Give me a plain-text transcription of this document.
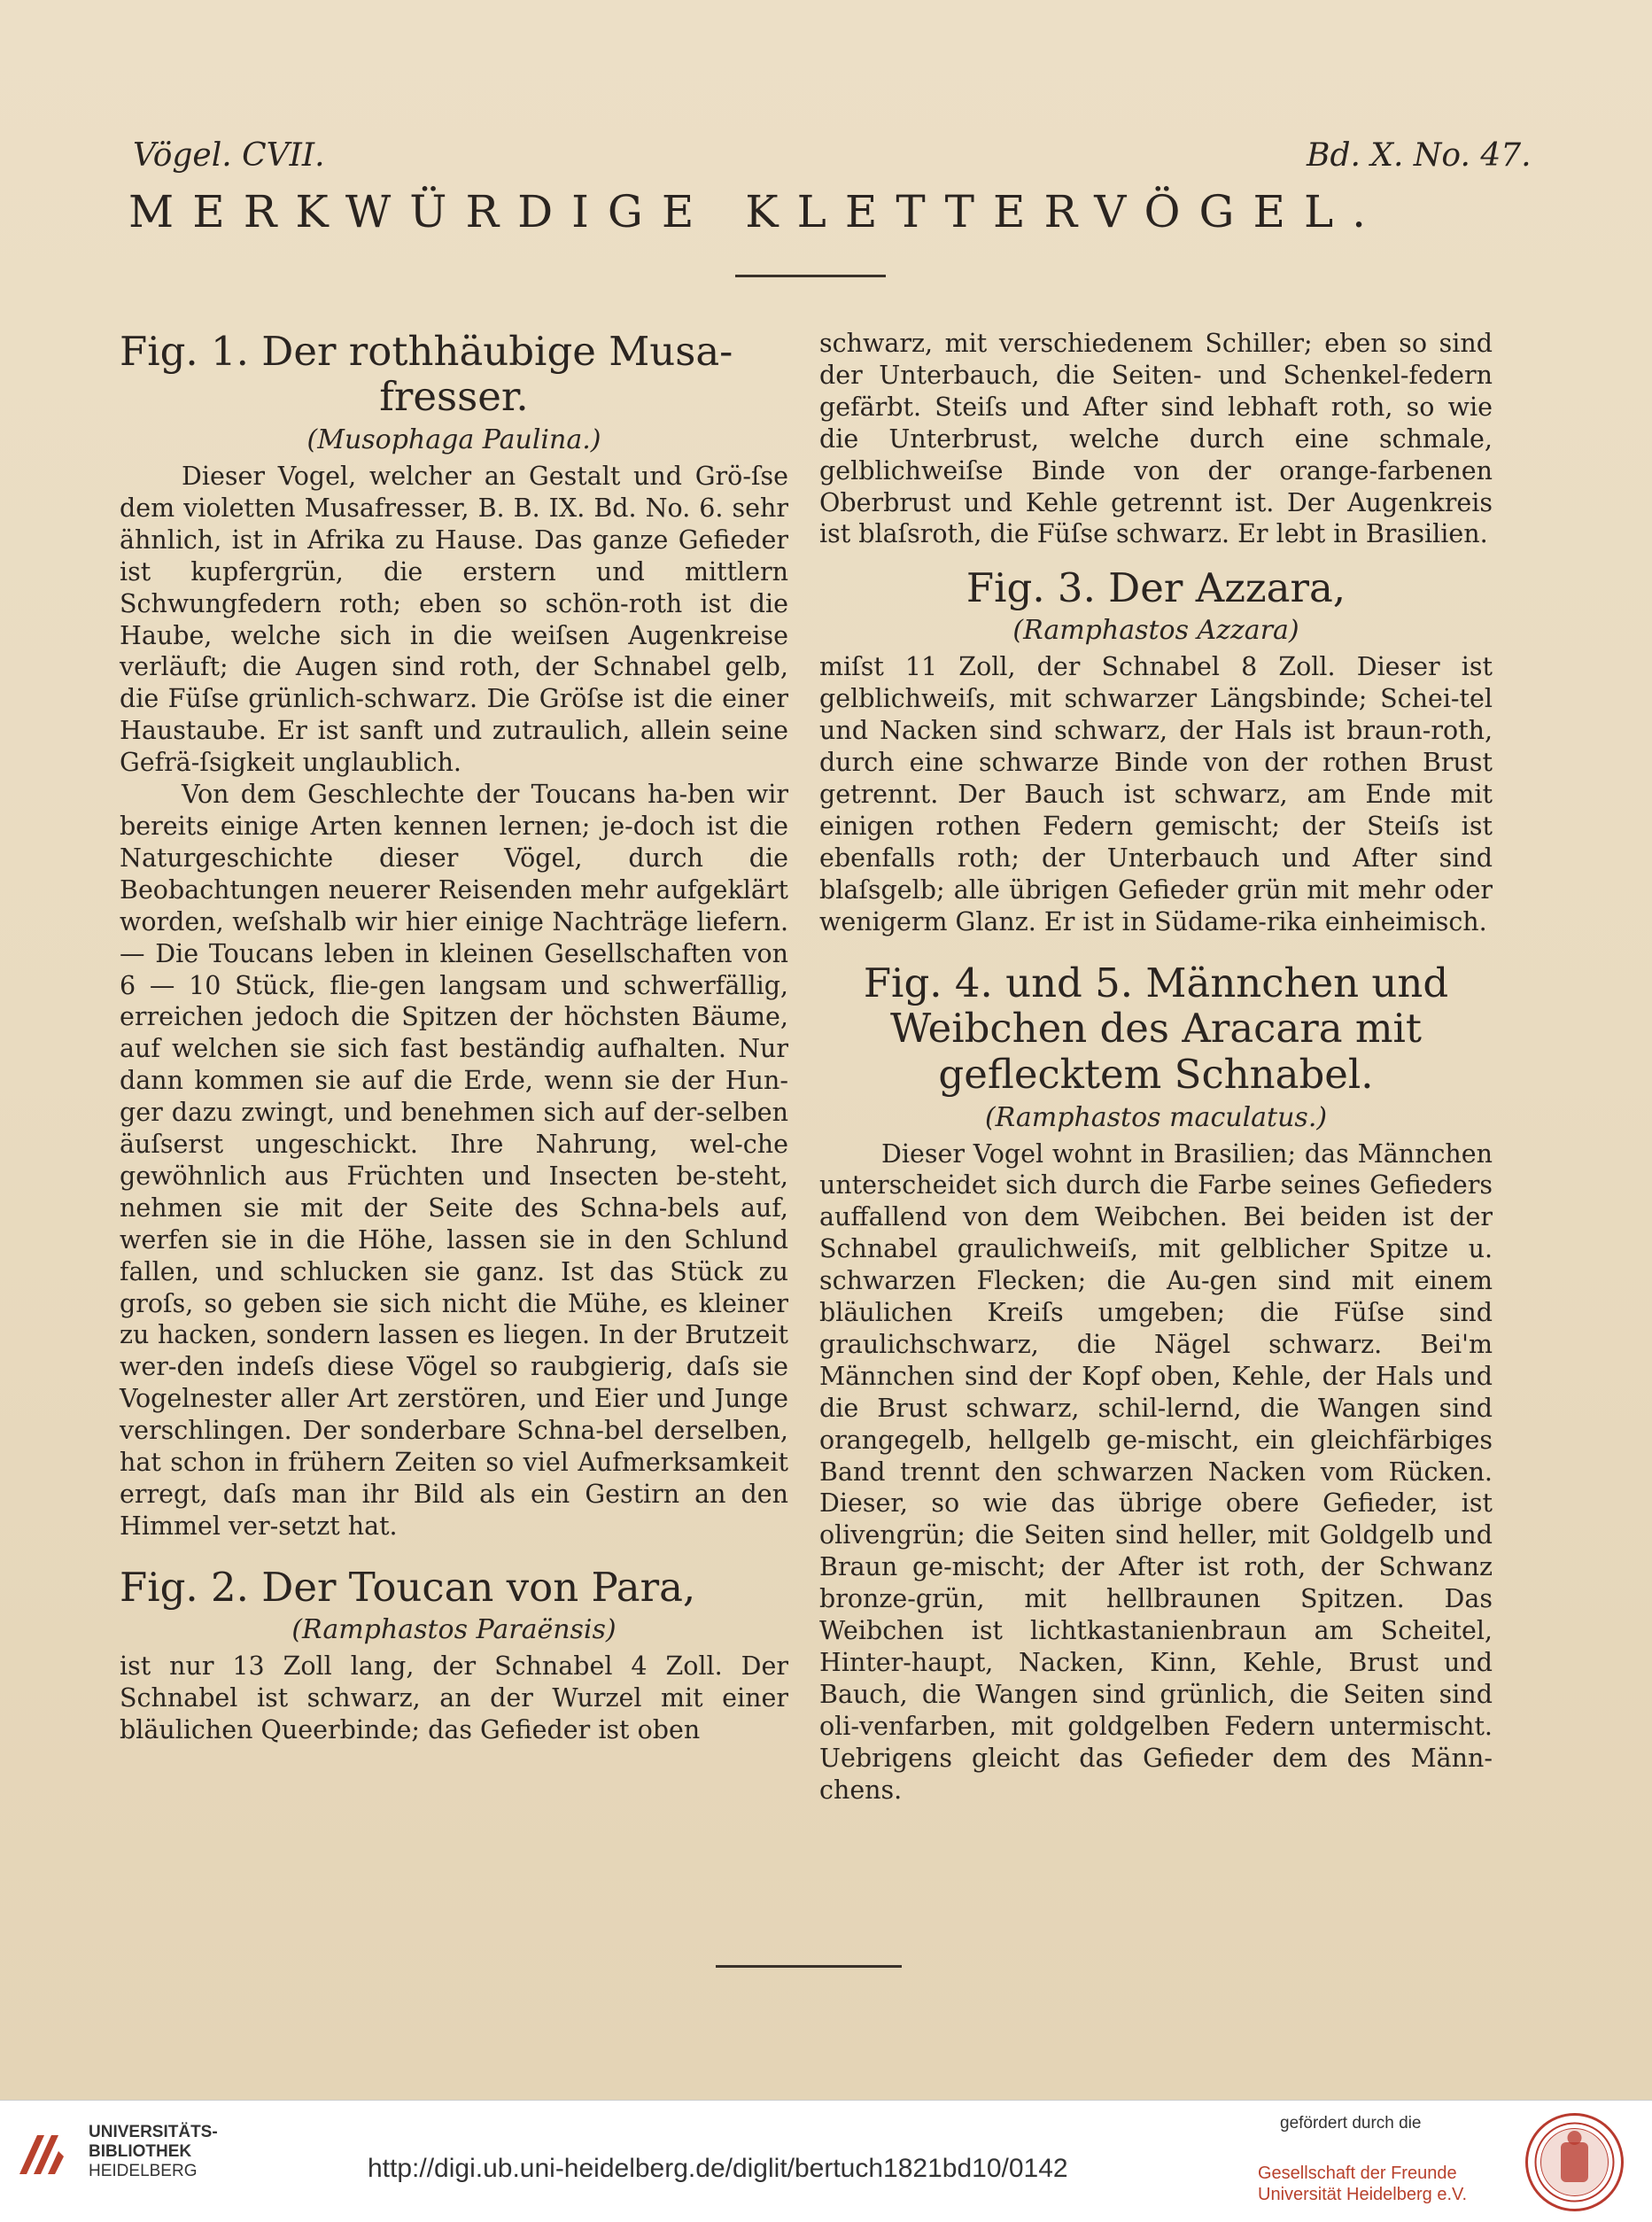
Vögel. CVII.	Bd. X. No. 47.
MERKWÜRDIGE KLETTERVÖGEL.
Fig. 1. Der rothhäubige Musa-
fresser.
(Musophaga Paulina.)

Dieser Vogel, welcher an Gestalt und Grö-ſse dem violetten Musafresser, B. B. IX. Bd. No. 6. sehr ähnlich, ist in Afrika zu Hause. Das ganze Gefieder ist kupfergrün, die erstern und mittlern Schwungfedern roth; eben so schön-roth ist die Haube, welche sich in die weiſsen Augenkreise verläuft; die Augen sind roth, der Schnabel gelb, die Füſse grünlich-schwarz. Die Gröſse ist die einer Haustaube. Er ist sanft und zutraulich, allein seine Gefrä-ſsigkeit unglaublich.

Von dem Geschlechte der Toucans ha-ben wir bereits einige Arten kennen lernen; je-doch ist die Naturgeschichte dieser Vögel, durch die Beobachtungen neuerer Reisenden mehr aufgeklärt worden, weſshalb wir hier einige Nachträge liefern. — Die Toucans leben in kleinen Gesellschaften von 6 — 10 Stück, flie-gen langsam und schwerfällig, erreichen jedoch die Spitzen der höchsten Bäume, auf welchen sie sich fast beständig aufhalten. Nur dann kommen sie auf die Erde, wenn sie der Hun-ger dazu zwingt, und benehmen sich auf der-selben äuſserst ungeschickt. Ihre Nahrung, wel-che gewöhnlich aus Früchten und Insecten be-steht, nehmen sie mit der Seite des Schna-bels auf, werfen sie in die Höhe, lassen sie in den Schlund fallen, und schlucken sie ganz. Ist das Stück zu groſs, so geben sie sich nicht die Mühe, es kleiner zu hacken, sondern lassen es liegen. In der Brutzeit wer-den indeſs diese Vögel so raubgierig, daſs sie Vogelnester aller Art zerstören, und Eier und Junge verschlingen. Der sonderbare Schna-bel derselben, hat schon in frühern Zeiten so viel Aufmerksamkeit erregt, daſs man ihr Bild als ein Gestirn an den Himmel ver-setzt hat.

Fig. 2. Der Toucan von Para,
(Ramphastos Paraënsis)

ist nur 13 Zoll lang, der Schnabel 4 Zoll. Der Schnabel ist schwarz, an der Wurzel mit einer bläulichen Queerbinde; das Gefieder ist oben

schwarz, mit verschiedenem Schiller; eben so sind der Unterbauch, die Seiten- und Schenkel-federn gefärbt. Steiſs und After sind lebhaft roth, so wie die Unterbrust, welche durch eine schmale, gelblichweiſse Binde von der orange-farbenen Oberbrust und Kehle getrennt ist. Der Augenkreis ist blaſsroth, die Füſse schwarz. Er lebt in Brasilien.

Fig. 3. Der Azzara,
(Ramphastos Azzara)

miſst 11 Zoll, der Schnabel 8 Zoll. Dieser ist gelblichweiſs, mit schwarzer Längsbinde; Schei-tel und Nacken sind schwarz, der Hals ist braun-roth, durch eine schwarze Binde von der rothen Brust getrennt. Der Bauch ist schwarz, am Ende mit einigen rothen Federn gemischt; der Steiſs ist ebenfalls roth; der Unterbauch und After sind blaſsgelb; alle übrigen Gefieder grün mit mehr oder wenigerm Glanz. Er ist in Südame-rika einheimisch.

Fig. 4. und 5. Männchen und
Weibchen des Aracara mit
geflecktem Schnabel.
(Ramphastos maculatus.)

Dieser Vogel wohnt in Brasilien; das Männchen unterscheidet sich durch die Farbe seines Gefieders auffallend von dem Weibchen. Bei beiden ist der Schnabel graulichweiſs, mit gelblicher Spitze u. schwarzen Flecken; die Au-gen sind mit einem bläulichen Kreiſs umgeben; die Füſse sind graulichschwarz, die Nägel schwarz. Bei'm Männchen sind der Kopf oben, Kehle, der Hals und die Brust schwarz, schil-lernd, die Wangen sind orangegelb, hellgelb ge-mischt, ein gleichfärbiges Band trennt den schwarzen Nacken vom Rücken. Dieser, so wie das übrige obere Gefieder, ist olivengrün; die Seiten sind heller, mit Goldgelb und Braun ge-mischt; der After ist roth, der Schwanz bronze-grün, mit hellbraunen Spitzen. Das Weibchen ist lichtkastanienbraun am Scheitel, Hinter-haupt, Nacken, Kinn, Kehle, Brust und Bauch, die Wangen sind grünlich, die Seiten sind oli-venfarben, mit goldgelben Federn untermischt. Uebrigens gleicht das Gefieder dem des Männ-chens.

UNIVERSITÄTS-
BIBLIOTHEK
HEIDELBERG	http://digi.ub.uni-heidelberg.de/diglit/bertuch1821bd10/0142
gefördert durch die
Gesellschaft der Freunde
Universität Heidelberg e.V.
